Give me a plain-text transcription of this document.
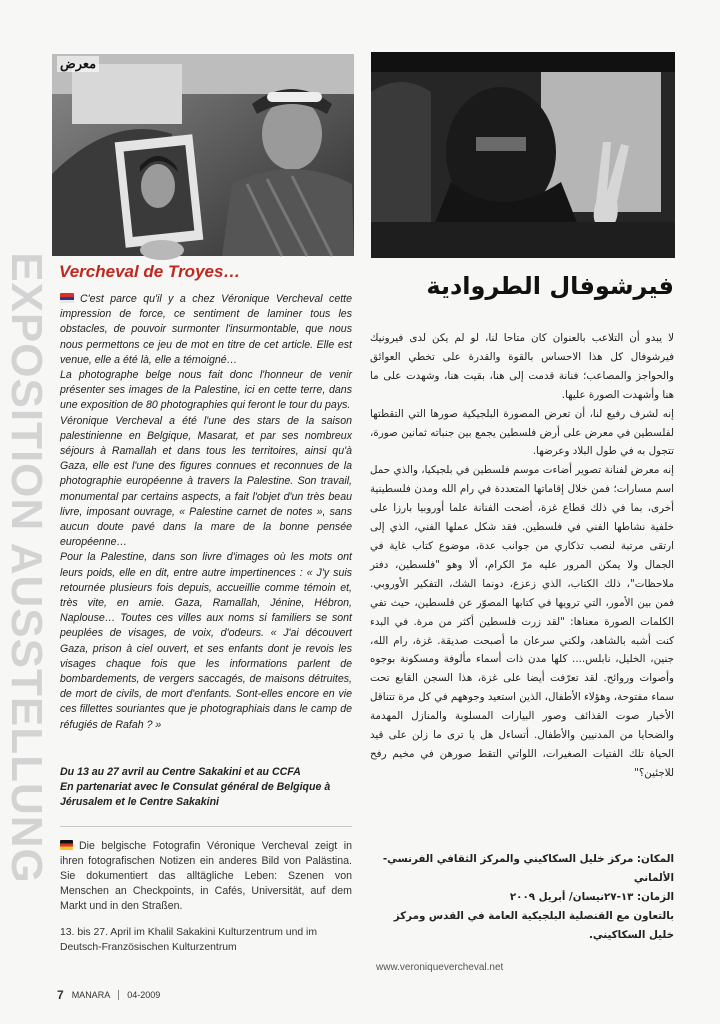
معرض
EXPOSITION AUSSTELLUNG Vercheval de Troyes…

C'est parce qu'il y a chez Véronique Vercheval cette impression de force, ce sentiment de laminer tous les obstacles, de pouvoir surmonter l'insurmontable, que nous nous permettons ce jeu de mot en titre de cet article. Elle est venue, elle a été là, elle a témoigné…

La photographe belge nous fait donc l'honneur de venir présenter ses images de la Palestine, ici en cette terre, dans une exposition de 80 photographies qui feront le tour du pays.

Véronique Vercheval a été l'une des stars de la saison palestinienne en Belgique, Masarat, et par ses nombreux séjours à Ramallah et dans tous les territoires, ainsi qu'à Gaza, elle est l'une des figures connues et reconnues de la photographie européenne à travers la Palestine. Son travail, monumental par certains aspects, a fait l'objet d'un très beau livre, imposant ouvrage, « Palestine carnet de notes », sans aucun doute pavé dans la mare de la bonne pensée européenne…

Pour la Palestine, dans son livre d'images où les mots ont leurs poids, elle en dit, entre autre impertinences : « J'y suis retournée plusieurs fois depuis, accueillie comme témoin et, très vite, en amie. Gaza, Ramallah, Jénine, Hébron, Naplouse… Toutes ces villes aux noms si familiers se sont peuplées de visages, de voix, d'odeurs. « J'ai découvert Gaza, prison à ciel ouvert, et ses enfants dont je revois les visages chaque fois que les informations parlent de bombardements, de vergers saccagés, de maisons détruites, de mort de civils, de mort d'enfants. Sont-elles encore en vie ces fillettes souriantes que je photographiais dans le camp de réfugiés de Rafah ? »

Du 13 au 27 avril au Centre Sakakini et au CCFA
En partenariat avec le Consulat général de Belgique à Jérusalem et le Centre Sakakini
Die belgische Fotografin Véronique Vercheval zeigt in ihren fotografischen Notizen ein anderes Bild von Palästina. Sie dokumentiert das alltägliche Leben: Szenen von Menschen an Checkpoints, in Cafés, Universität, auf dem Markt und in den Straßen.
13. bis 27. April im Khalil Sakakini Kulturzentrum und im Deutsch-Französischen Kulturzentrum
فيرشوفال الطروادية

لا يبدو أن التلاعب بالعنوان كان متاحا لنا، لو لم يكن لدى فيرونيك فيرشوفال كل هذا الاحساس بالقوة والقدرة على تخطي العوائق والحواجز والمصاعب؛ فنانة قدمت إلى هنا، بقيت هنا، وشهدت على ما هنا وأشهدت الصورة عليها.

إنه لشرف رفيع لنا، أن تعرض المصورة البلجيكية صورها التي التقطتها لفلسطين في معرض على أرض فلسطين يجمع بين جنباته ثمانين صورة، تتجول به في طول البلاد وعرضها.

إنه معرض لفنانة تصوير أضاءت موسم فلسطين في بلجيكيا، والذي حمل اسم مسارات؛ فمن خلال إقاماتها المتعددة في رام الله ومدن فلسطينية أخرى، بما في ذلك قطاع غزة، أضحت الفنانة علما أوروبيا بارزا على خلفية نشاطها الفني في فلسطين. فقد شكل عملها الفني، الذي إلى ارتقى مرتبة لنصب تذكاري من جوانب عدة، موضوع كتاب غاية في الجمال ولا يمكن المرور عليه مرّ الكرام، ألا وهو "فلسطين، دفتر ملاحظات"، ذلك الكتاب، الذي زعزع، دونما الشك، التفكير الأوروبي. فمن بين الأمور، التي ترويها في كتابها المصوّر عن فلسطين، حيث تفي الكلمات الصورة معناها: "لقد زرت فلسطين أكثر من مرة. في البدء كنت أشبه بالشاهد، ولكني سرعان ما أصبحت صديقة. غزة، رام الله، جنين، الخليل، نابلس.... كلها مدن ذات أسماء مألوفة ومسكونة بوجوه وأصوات وروائح. لقد تعرّفت أيضا على غزة، هذا السجن القابع تحت سماء مفتوحة، وهؤلاء الأطفال، الذين استعيد وجوههم في كل مرة تتناقل الأخبار صوت القذائف وصور البيارات المسلوبة والمنازل المهدمة والضحايا من المدنيين والأطفال. أتساءل هل يا ترى ما زلن على قيد الحياة تلك الفتيات الصغيرات، اللواتي التقط صورهن في مخيم رفح للاجئين؟"

المكان: مركز خليل السكاكيني والمركز الثقافي الفرنسي- الألماني
الزمان: ١٣-٢٧نيسان/ أبريل ٢٠٠٩
بالتعاون مع القنصلية البلجيكية العامة في القدس ومركز خليل السكاكيني.
www.veroniquevercheval.net
7 MANARA 04-2009
